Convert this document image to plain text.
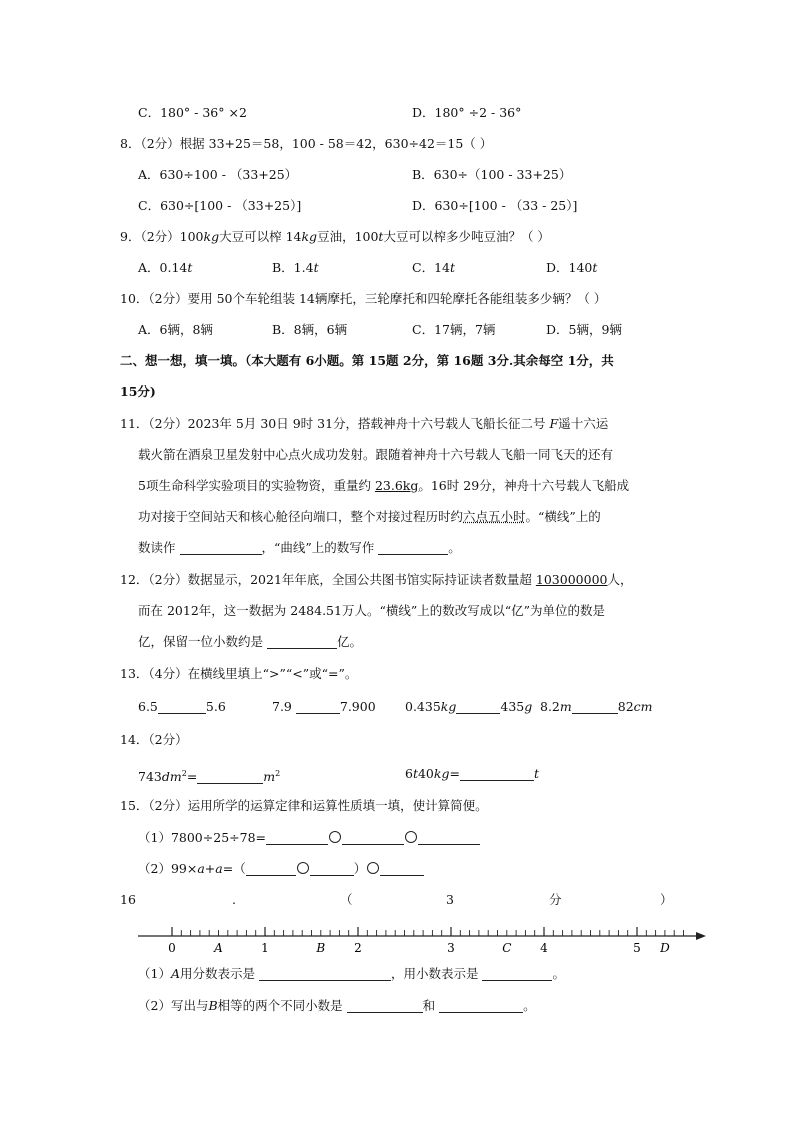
C．180° - 36° ×2	D．180° ÷2 - 36°
8．（2分）根据 33+25＝58，100 - 58＝42，630÷42＝15（ ）
A．630÷100 - （33+25）	B．630÷（100 - 33+25）
C．630÷[100 - （33+25）]	D．630÷[100 - （33 - 25）]
9．（2分）100kg大豆可以榨 14kg豆油，100t大豆可以榨多少吨豆油？（ ）
A．0.14t	B．1.4t	C．14t	D．140t
10．（2分）要用 50个车轮组装 14辆摩托，三轮摩托和四轮摩托各能组装多少辆？（ ）
A．6辆，8辆	B．8辆，6辆	C．17辆，7辆	D．5辆，9辆
二、想一想，填一填。（本大题有 6小题。第 15题 2分，第 16题 3分.其余每空 1分，共
15分)
11．（2分）2023年 5月 30日 9时 31分，搭载神舟十六号载人飞船长征二号 F遥十六运
载火箭在酒泉卫星发射中心点火成功发射。跟随着神舟十六号载人飞船一同飞天的还有
5项生命科学实验项目的实验物资，重量约 23.6kg。16时 29分，神舟十六号载人飞船成
功对接于空间站天和核心舱径向端口，整个对接过程历时约六点五小时。“横线”上的
数读作	，“曲线”上的数写作	。
12．（2分）数据显示，2021年年底，全国公共图书馆实际持证读者数量超 103000000人，
而在 2012年，这一数据为 2484.51万人。“横线”上的数改写成以“亿”为单位的数是
亿，保留一位小数约是	亿。
13．（4分）在横线里填上“>”“<”或“=”。
6.5	5.6	7.9	7.900 0.435kg	435g 8.2m	82cm
14．（2分）
$743dm^2=$	$m^2$	6t40kg=	t
15．（2分）运用所学的运算定律和运算性质填一填，使计算简便。
（1）7800÷25÷78=
（2）99×a+a=（	）
16	.	（	3	分	）
0	1	2	3	4	5
A	B	C	D
（1）A用分数表示是	，用小数表示是	。
（2）写出与B相等的两个不同小数是	和	。
